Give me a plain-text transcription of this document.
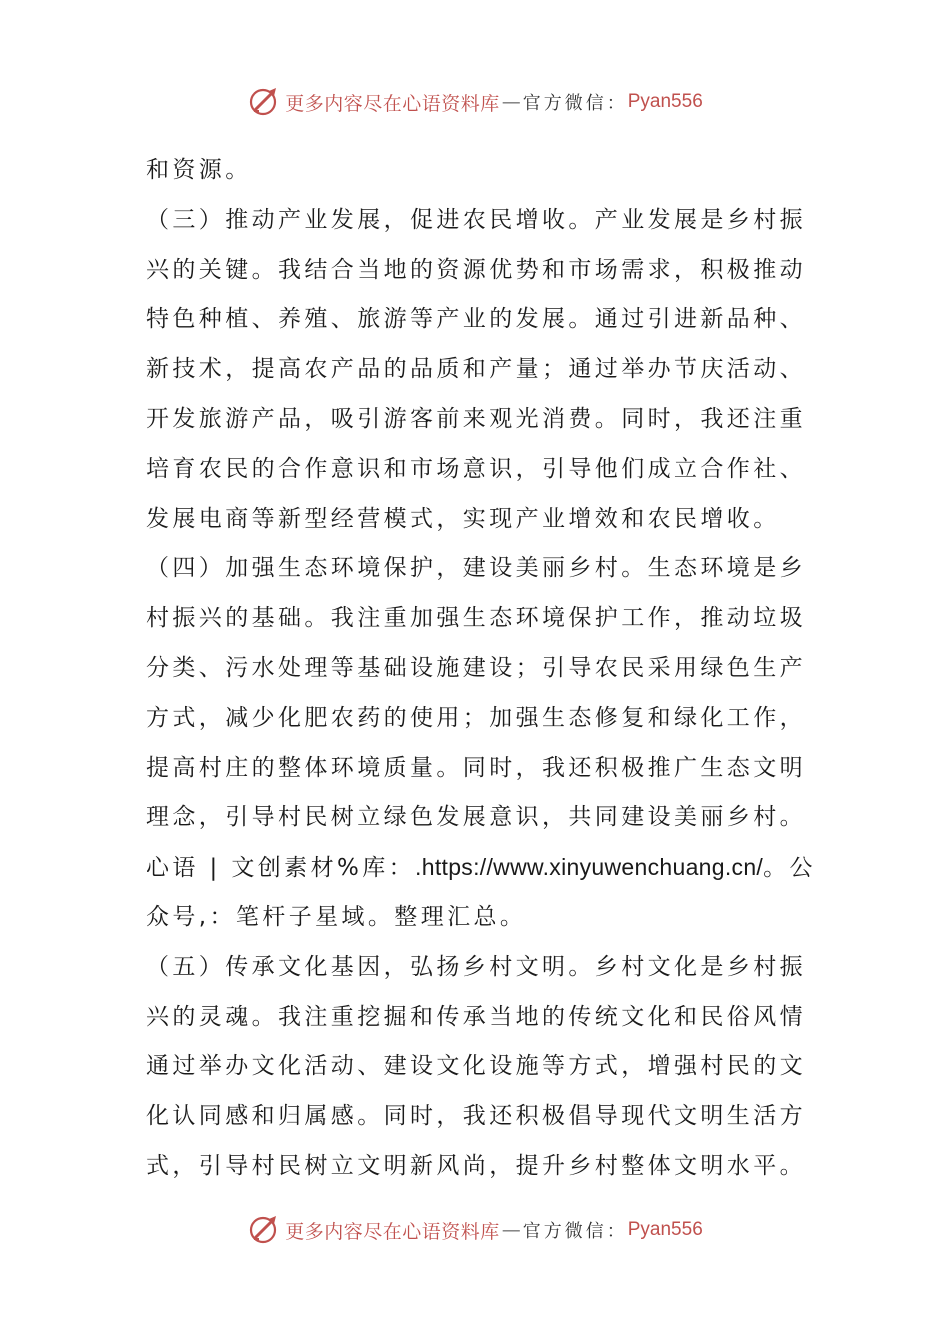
更多内容尽在心语资料库 — 官方微信： Pyan556
和资源。
（三）推动产业发展，促进农民增收。产业发展是乡村振
兴的关键。我结合当地的资源优势和市场需求，积极推动
特色种植、养殖、旅游等产业的发展。通过引进新品种、
新技术，提高农产品的品质和产量；通过举办节庆活动、
开发旅游产品，吸引游客前来观光消费。同时，我还注重
培育农民的合作意识和市场意识，引导他们成立合作社、
发展电商等新型经营模式，实现产业增效和农民增收。
（四）加强生态环境保护，建设美丽乡村。生态环境是乡
村振兴的基础。我注重加强生态环境保护工作，推动垃圾
分类、污水处理等基础设施建设；引导农民采用绿色生产
方式，减少化肥农药的使用；加强生态修复和绿化工作，
提高村庄的整体环境质量。同时，我还积极推广生态文明
理念，引导村民树立绿色发展意识，共同建设美丽乡村。
心语 | 文创素材%库：.https://www.xinyuwenchuang.cn/。公
众号,：笔杆子星域。整理汇总。
（五）传承文化基因，弘扬乡村文明。乡村文化是乡村振
兴的灵魂。我注重挖掘和传承当地的传统文化和民俗风情
通过举办文化活动、建设文化设施等方式，增强村民的文
化认同感和归属感。同时，我还积极倡导现代文明生活方
式，引导村民树立文明新风尚，提升乡村整体文明水平。
更多内容尽在心语资料库 — 官方微信： Pyan556
